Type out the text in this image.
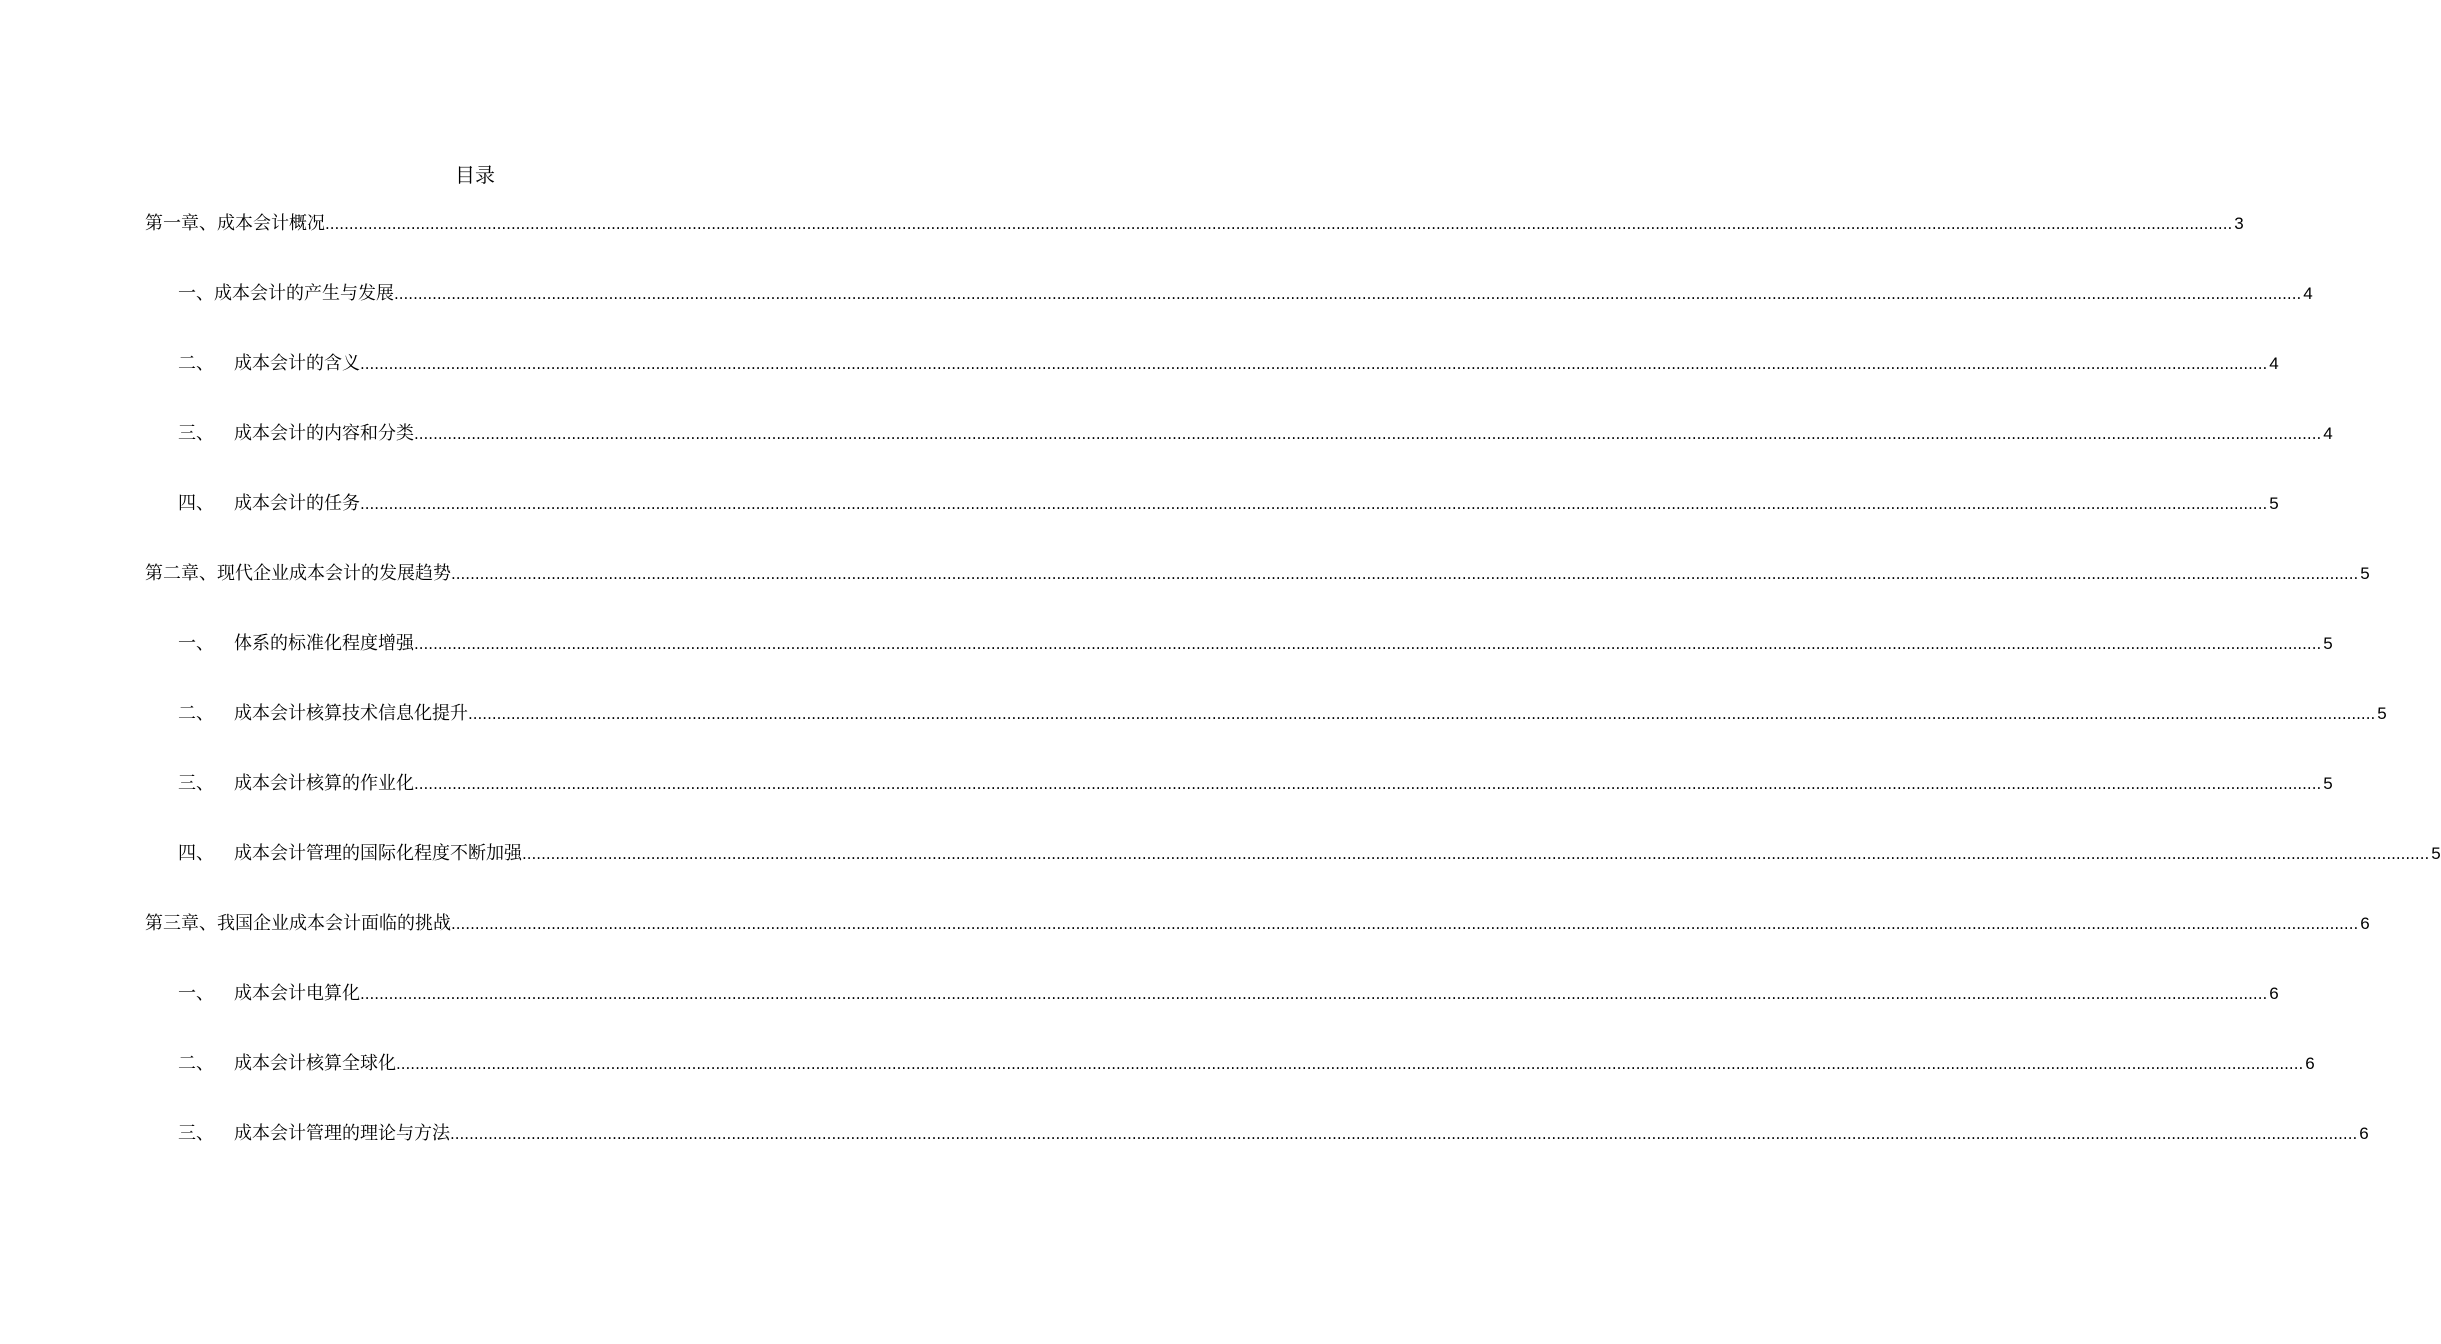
目录
第一章、 成本会计概况 ................................................................................................................................................................................................................................................................................................................................................................................................................ 3
一、 成本会计的产生与发展 ................................................................................................................................................................................................................................................................................................................................................................................................................ 4
二、	成本会计的含义 ................................................................................................................................................................................................................................................................................................................................................................................................................ 4
三、	成本会计的内容和分类 ................................................................................................................................................................................................................................................................................................................................................................................................................ 4
四、	成本会计的任务 ................................................................................................................................................................................................................................................................................................................................................................................................................ 5
第二章、 现代企业成本会计的发展趋势 ................................................................................................................................................................................................................................................................................................................................................................................................................ 5
一、	体系的标准化程度增强 ................................................................................................................................................................................................................................................................................................................................................................................................................ 5
二、	成本会计核算技术信息化提升 ................................................................................................................................................................................................................................................................................................................................................................................................................ 5
三、	成本会计核算的作业化 ................................................................................................................................................................................................................................................................................................................................................................................................................ 5
四、	成本会计管理的国际化程度不断加强 ................................................................................................................................................................................................................................................................................................................................................................................................................ 5
第三章、 我国企业成本会计面临的挑战 ................................................................................................................................................................................................................................................................................................................................................................................................................ 6
一、	成本会计电算化 ................................................................................................................................................................................................................................................................................................................................................................................................................ 6
二、	成本会计核算全球化 ................................................................................................................................................................................................................................................................................................................................................................................................................ 6
三、	成本会计管理的理论与方法 ................................................................................................................................................................................................................................................................................................................................................................................................................ 6
